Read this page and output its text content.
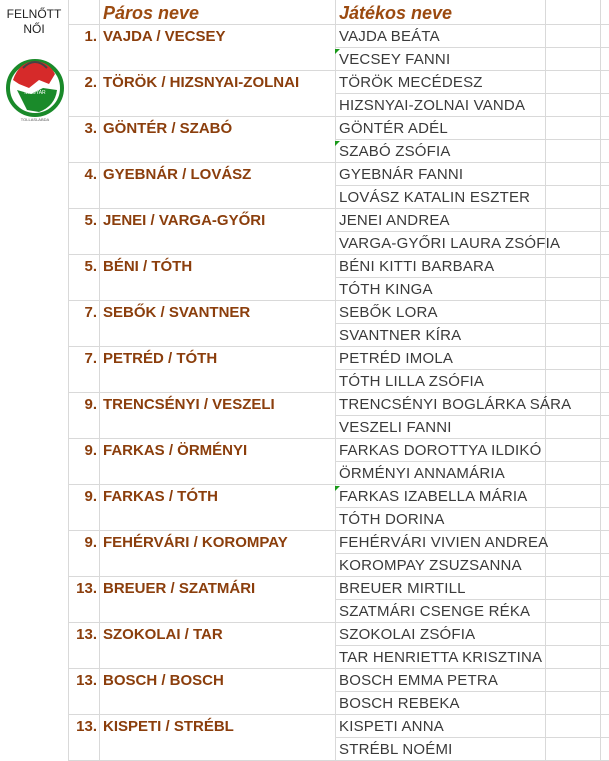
FELNŐTT
NŐI
MAGYAR
TOLLASLABDA
Páros neve	Játékos neve
1. VAJDA / VECSEY	VAJDA BEÁTA
VECSEY FANNI
2. TÖRÖK / HIZSNYAI-ZOLNAI	TÖRÖK MECÉDESZ
HIZSNYAI-ZOLNAI VANDA
3. GÖNTÉR / SZABÓ	GÖNTÉR ADÉL
SZABÓ ZSÓFIA
4. GYEBNÁR / LOVÁSZ	GYEBNÁR FANNI
LOVÁSZ KATALIN ESZTER
5. JENEI / VARGA-GYŐRI	JENEI ANDREA
VARGA-GYŐRI LAURA ZSÓFIA
5. BÉNI / TÓTH	BÉNI KITTI BARBARA
TÓTH KINGA
7. SEBŐK / SVANTNER	SEBŐK LORA
SVANTNER KÍRA
7. PETRÉD / TÓTH	PETRÉD IMOLA
TÓTH LILLA ZSÓFIA
9. TRENCSÉNYI / VESZELI	TRENCSÉNYI BOGLÁRKA SÁRA
VESZELI FANNI
9. FARKAS / ÖRMÉNYI	FARKAS DOROTTYA ILDIKÓ
ÖRMÉNYI ANNAMÁRIA
9. FARKAS / TÓTH	FARKAS IZABELLA MÁRIA
TÓTH DORINA
9. FEHÉRVÁRI / KOROMPAY	FEHÉRVÁRI VIVIEN ANDREA
KOROMPAY ZSUZSANNA
13. BREUER / SZATMÁRI	BREUER MIRTILL
SZATMÁRI CSENGE RÉKA
13. SZOKOLAI / TAR	SZOKOLAI ZSÓFIA
TAR HENRIETTA KRISZTINA
13. BOSCH / BOSCH	BOSCH EMMA PETRA
BOSCH REBEKA
13. KISPETI / STRÉBL	KISPETI ANNA
STRÉBL NOÉMI
